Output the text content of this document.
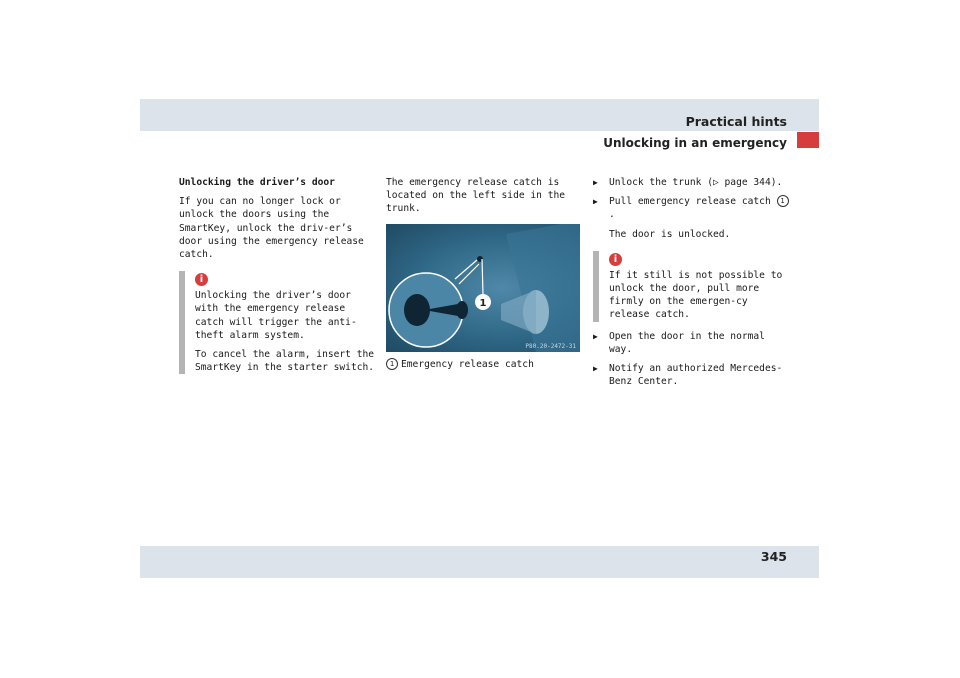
Practical hints
Unlocking in an emergency
Unlocking the driver’s door

If you can no longer lock or unlock the doors using the SmartKey, unlock the driv-er’s door using the emergency release catch.

i

Unlocking the driver’s door with the emergency release catch will trigger the anti-theft alarm system.

To cancel the alarm, insert the SmartKey in the starter switch.

The emergency release catch is located on the left side in the trunk.

1
P80.20-2472-31
1 Emergency release catch
▶ Unlock the trunk (▷ page 344).
▶ Pull emergency release catch 1.
The door is unlocked.
i

If it still is not possible to unlock the door, pull more firmly on the emergen-cy release catch.

▶ Open the door in the normal way.
▶ Notify an authorized Mercedes-Benz Center.
345
